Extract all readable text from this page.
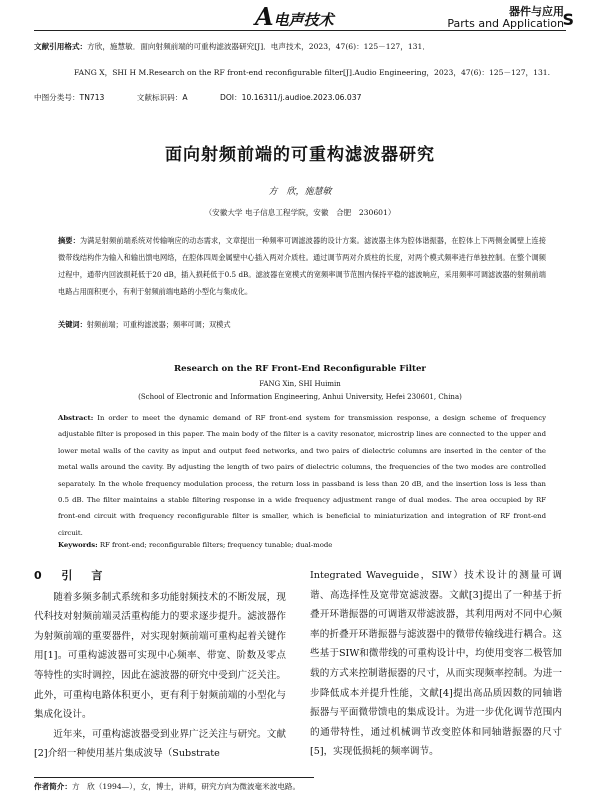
A电声技术	器件与应用
Parts and Application
S
文献引用格式：方欣，施慧敏．面向射频前端的可重构滤波器研究[J]．电声技术，2023，47(6)：125－127，131．
FANG X，SHI H M.Research on the RF front-end reconfigurable filter[J].Audio Engineering，2023，47(6)：125－127，131.
中图分类号：TN713	文献标识码：A	DOI：10.16311/j.audioe.2023.06.037
面向射频前端的可重构滤波器研究
方　欣，施慧敏
（安徽大学 电子信息工程学院，安徽　合肥　230601）
摘要：为满足射频前端系统对传输响应的动态需求，文章提出一种频率可调滤波器的设计方案。滤波器主体为腔体谐振器，在腔体上下两侧金属壁上连接微带线结构作为输入和输出馈电网络，在腔体四周金属壁中心插入两对介质柱。通过调节两对介质柱的长度，对两个模式频率进行单独控制。在整个调频过程中，通带内回波损耗低于20 dB，插入损耗低于0.5 dB。滤波器在宽模式的宽频率调节范围内保持平稳的滤波响应，采用频率可调滤波器的射频前端电路占用面积更小，有利于射频前端电路的小型化与集成化。
关键词：射频前端；可重构滤波器；频率可调；双模式
Research on the RF Front-End Reconfigurable Filter
FANG Xin, SHI Huimin
(School of Electronic and Information Engineering, Anhui University, Hefei 230601, China)
Abstract: In order to meet the dynamic demand of RF front-end system for transmission response, a design scheme of frequency adjustable filter is proposed in this paper. The main body of the filter is a cavity resonator, microstrip lines are connected to the upper and lower metal walls of the cavity as input and output feed networks, and two pairs of dielectric columns are inserted in the center of the metal walls around the cavity. By adjusting the length of two pairs of dielectric columns, the frequencies of the two modes are controlled separately. In the whole frequency modulation process, the return loss in passband is less than 20 dB, and the insertion loss is less than 0.5 dB. The filter maintains a stable filtering response in a wide frequency adjustment range of dual modes. The area occupied by RF front-end circuit with frequency reconfigurable filter is smaller, which is beneficial to miniaturization and integration of RF front-end circuit.
Keywords: RF front-end; reconfigurable filters; frequency tunable; dual-mode
0 引　言

随着多频多制式系统和多功能射频技术的不断发展，现代科技对射频前端灵活重构能力的要求逐步提升。滤波器作为射频前端的重要器件，对实现射频前端可重构起着关键作用[1]。可重构滤波器可实现中心频率、带宽、阶数及零点等特性的实时调控，因此在滤波器的研究中受到广泛关注。此外，可重构电路体积更小，更有利于射频前端的小型化与集成化设计。

近年来，可重构滤波器受到业界广泛关注与研究。文献[2]介绍一种使用基片集成波导（Substrate

Integrated Waveguide，SIW）技术设计的测量可调谐、高选择性及宽带宽滤波器。文献[3]提出了一种基于折叠开环谐振器的可调谐双带滤波器，其利用两对不同中心频率的折叠开环谐振器与滤波器中的微带传输线进行耦合。这些基于SIW和微带线的可重构设计中，均使用变容二极管加载的方式来控制谐振器的尺寸，从而实现频率控制。为进一步降低成本并提升性能，文献[4]提出高品质因数的同轴谐振器与平面微带馈电的集成设计。为进一步优化调节范围内的通带特性，通过机械调节改变腔体和同轴谐振器的尺寸[5]，实现低损耗的频率调节。

作者简介：方　欣（1994—），女，博士，讲师，研究方向为微波毫米波电路。
